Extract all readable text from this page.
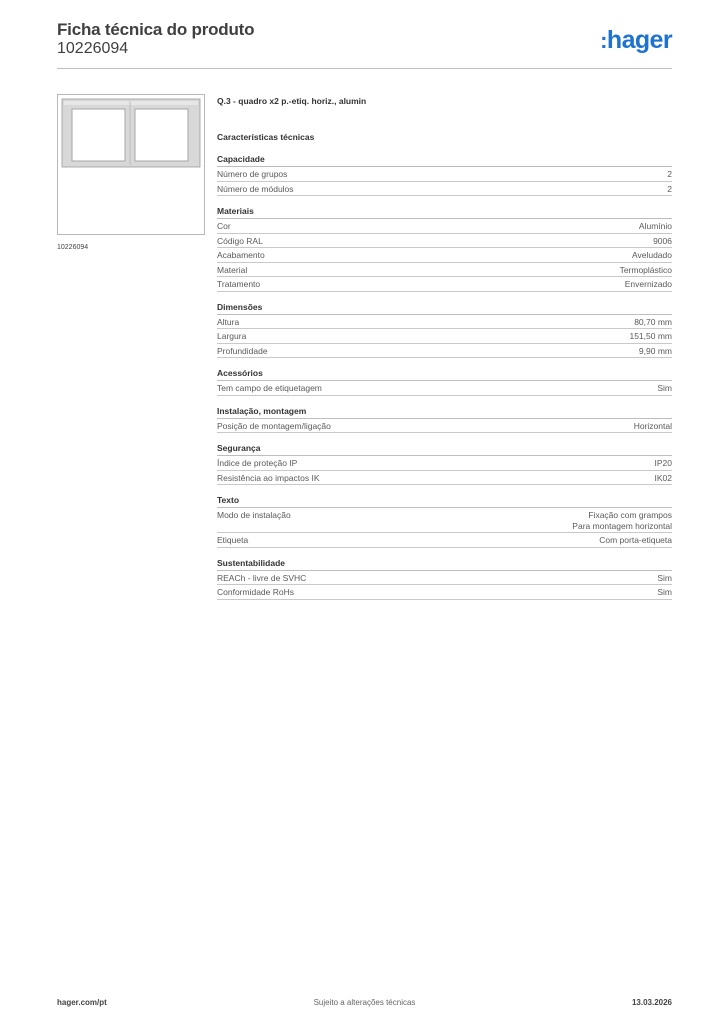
Ficha técnica do produto
10226094	:hager
10226094
Q.3 - quadro x2 p.-etiq. horiz., alumin
Características técnicas
Capacidade
Número de grupos	2
Número de módulos	2
Materiais
Cor	Alumínio
Código RAL	9006
Acabamento	Aveludado
Material	Termoplástico
Tratamento	Envernizado
Dimensões
Altura	80,70 mm
Largura	151,50 mm
Profundidade	9,90 mm
Acessórios
Tem campo de etiquetagem	Sim
Instalação, montagem
Posição de montagem/ligação	Horizontal
Segurança
Índice de proteção IP	IP20
Resistência ao impactos IK	IK02
Texto
Modo de instalação	Fixação com grampos
Para montagem horizontal
Etiqueta	Com porta-etiqueta
Sustentabilidade
REACh - livre de SVHC	Sim
Conformidade RoHs	Sim
hager.com/pt	Sujeito a alterações técnicas	13.03.2026
